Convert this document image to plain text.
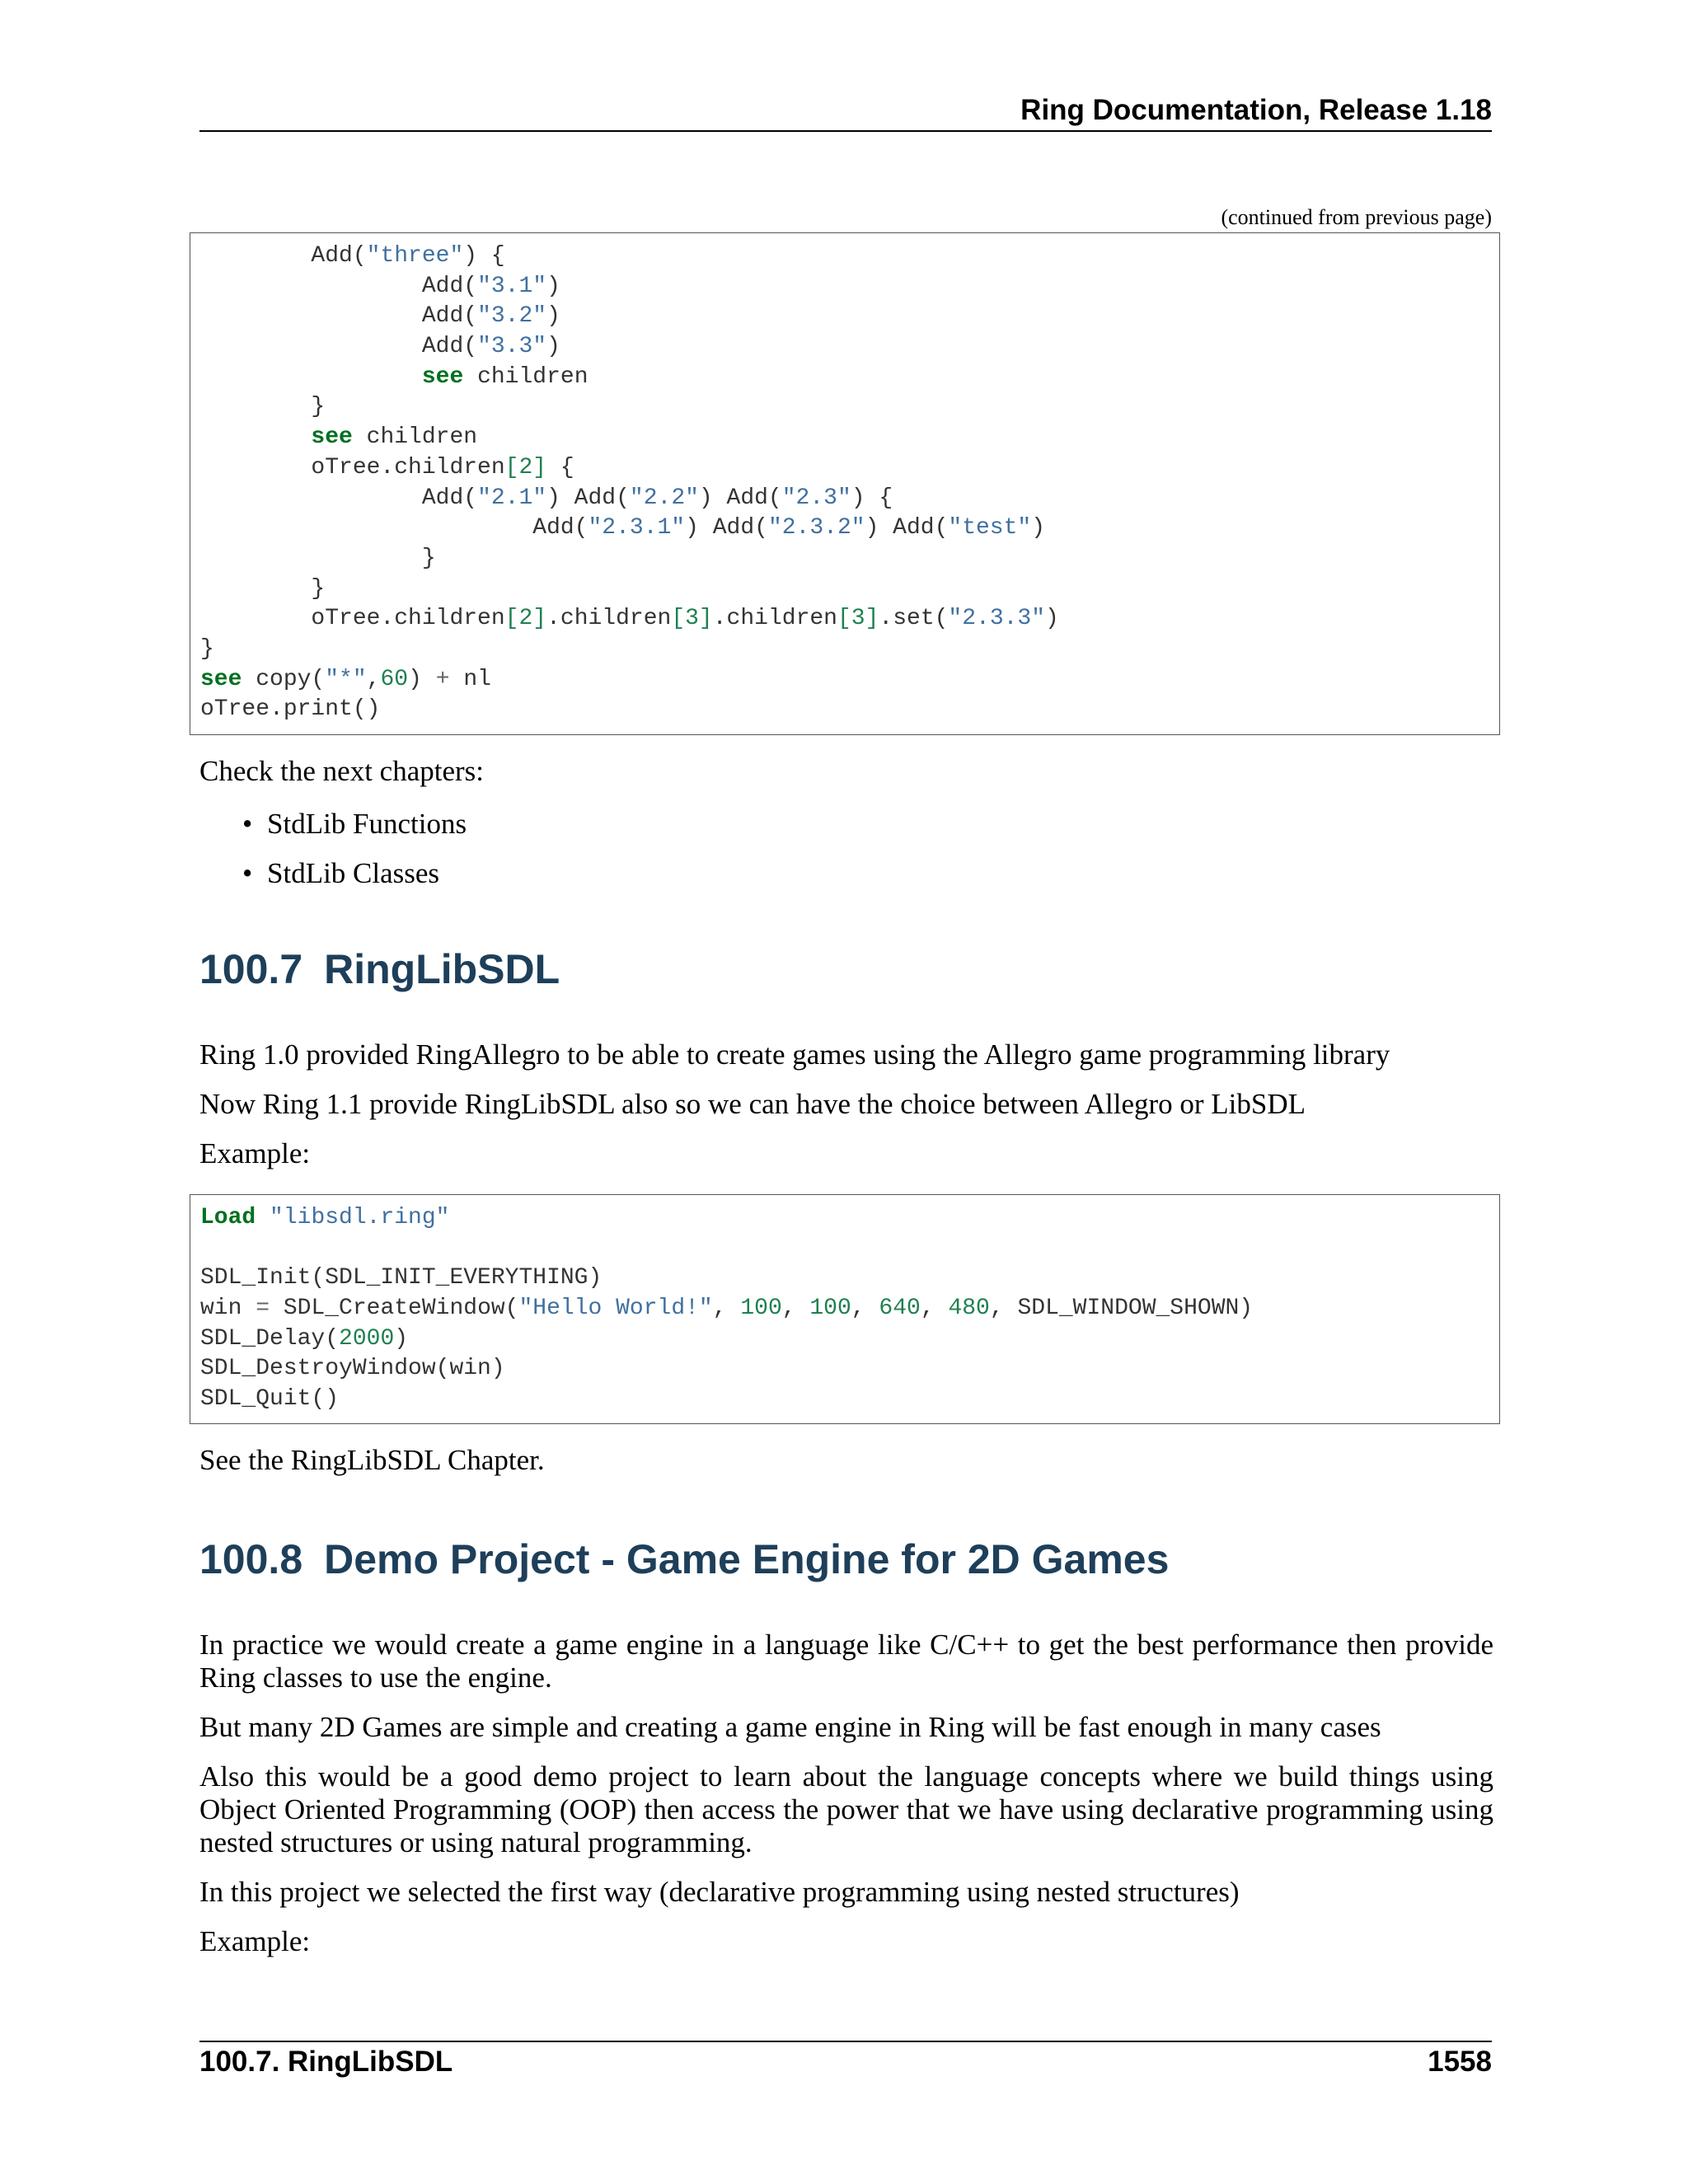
Ring Documentation, Release 1.18
(continued from previous page)
Add("three") {
Add("3.1")
Add("3.2")
Add("3.3")
see children
}
see children
oTree.children[2] {
Add("2.1") Add("2.2") Add("2.3") {
Add("2.3.1") Add("2.3.2") Add("test")
}
}
oTree.children[2].children[3].children[3].set("2.3.3")
}
see copy("*",60) + nl
oTree.print()

Check the next chapters:

• StdLib Functions
• StdLib Classes
100.7 RingLibSDL

Ring 1.0 provided RingAllegro to be able to create games using the Allegro game programming library

Now Ring 1.1 provide RingLibSDL also so we can have the choice between Allegro or LibSDL

Example:

Load "libsdl.ring"
SDL_Init(SDL_INIT_EVERYTHING)
win = SDL_CreateWindow("Hello World!", 100, 100, 640, 480, SDL_WINDOW_SHOWN)
SDL_Delay(2000)
SDL_DestroyWindow(win)
SDL_Quit()

See the RingLibSDL Chapter.

100.8 Demo Project - Game Engine for 2D Games

In practice we would create a game engine in a language like C/C++ to get the best performance then provide Ring classes to use the engine.

But many 2D Games are simple and creating a game engine in Ring will be fast enough in many cases

Also this would be a good demo project to learn about the language concepts where we build things using Object Oriented Programming (OOP) then access the power that we have using declarative programming using nested structures or using natural programming.

In this project we selected the first way (declarative programming using nested structures)

Example:

100.7. RingLibSDL	1558
